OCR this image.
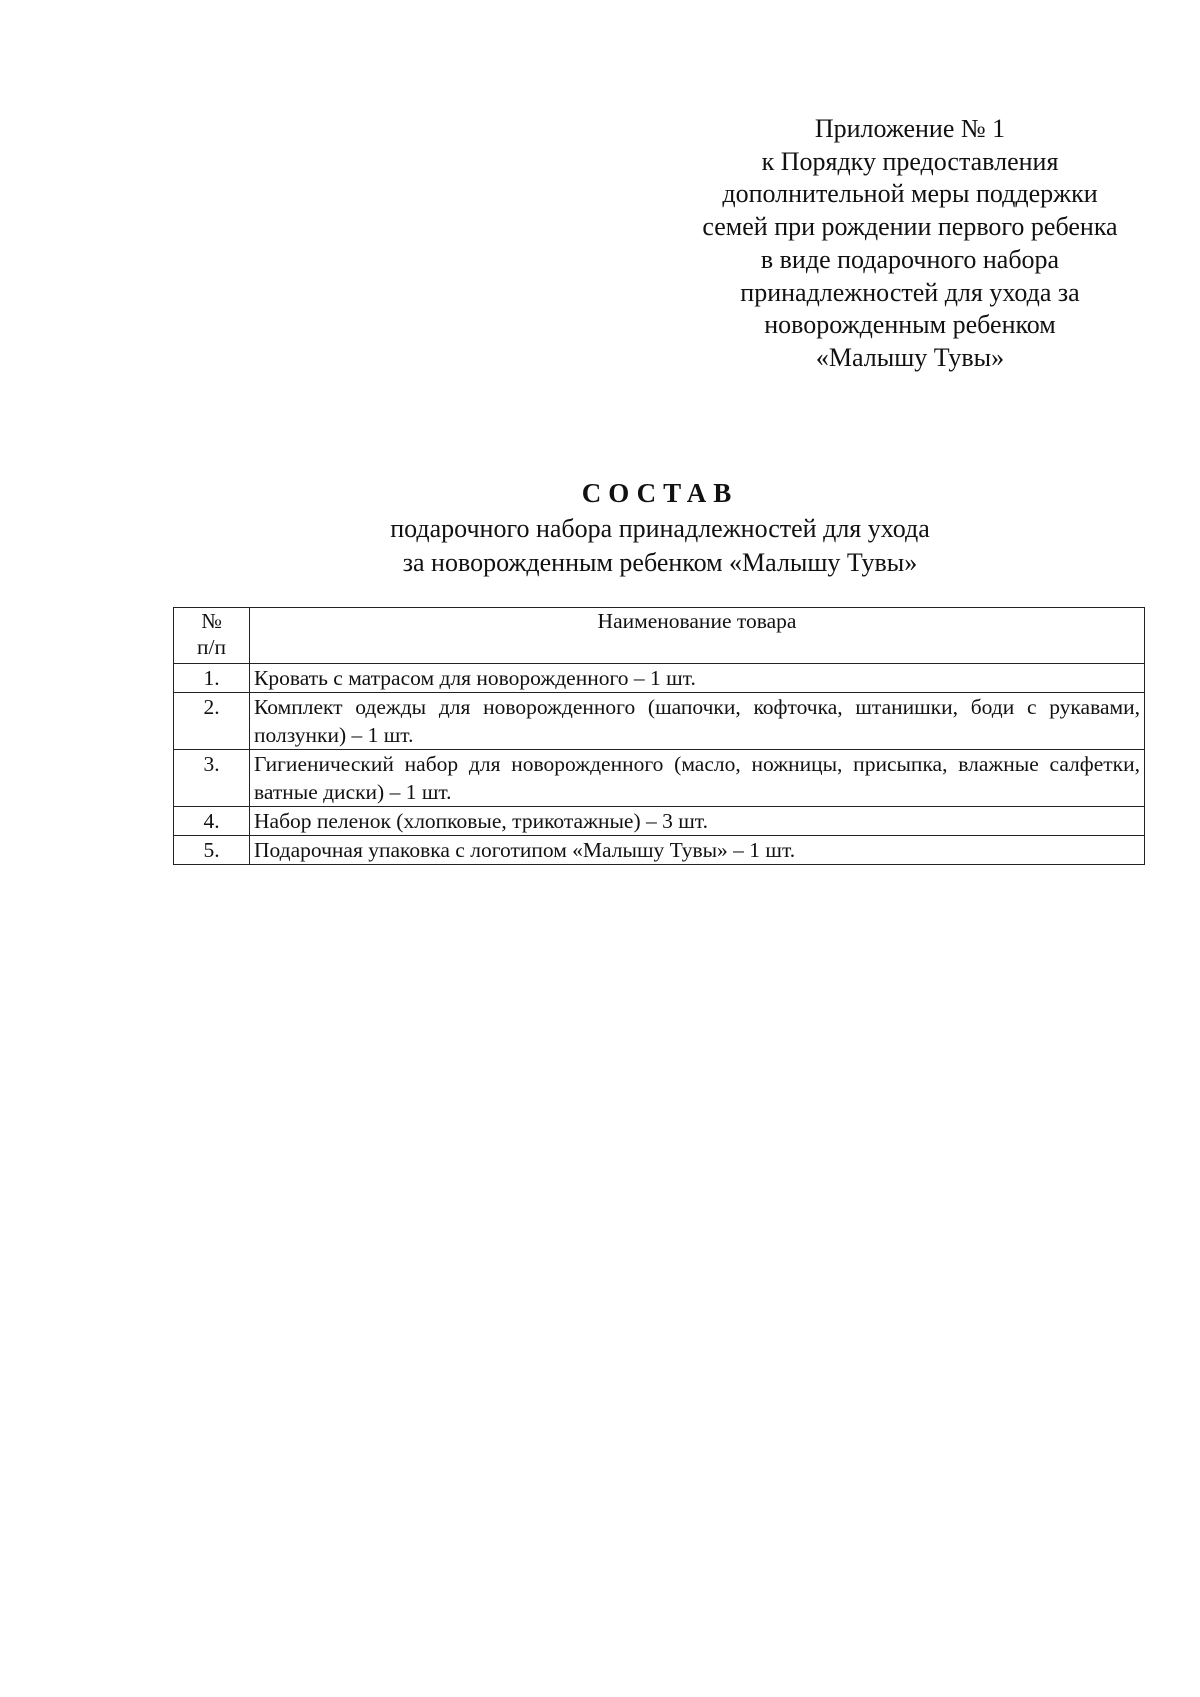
Приложение № 1
к Порядку предоставления
дополнительной меры поддержки
семей при рождении первого ребенка
в виде подарочного набора
принадлежностей для ухода за
новорожденным ребенком
«Малышу Тувы»
СОСТАВ
подарочного набора принадлежностей для ухода
за новорожденным ребенком «Малышу Тувы»
№
п/п	Наименование товара
1.	Кровать с матрасом для новорожденного – 1 шт.
2.	Комплект одежды для новорожденного (шапочки, кофточка, штанишки, боди с рукавами, ползунки) – 1 шт.
3.	Гигиенический набор для новорожденного (масло, ножницы, присыпка, влажные салфетки, ватные диски) – 1 шт.
4.	Набор пеленок (хлопковые, трикотажные) – 3 шт.
5.	Подарочная упаковка с логотипом «Малышу Тувы» – 1 шт.
